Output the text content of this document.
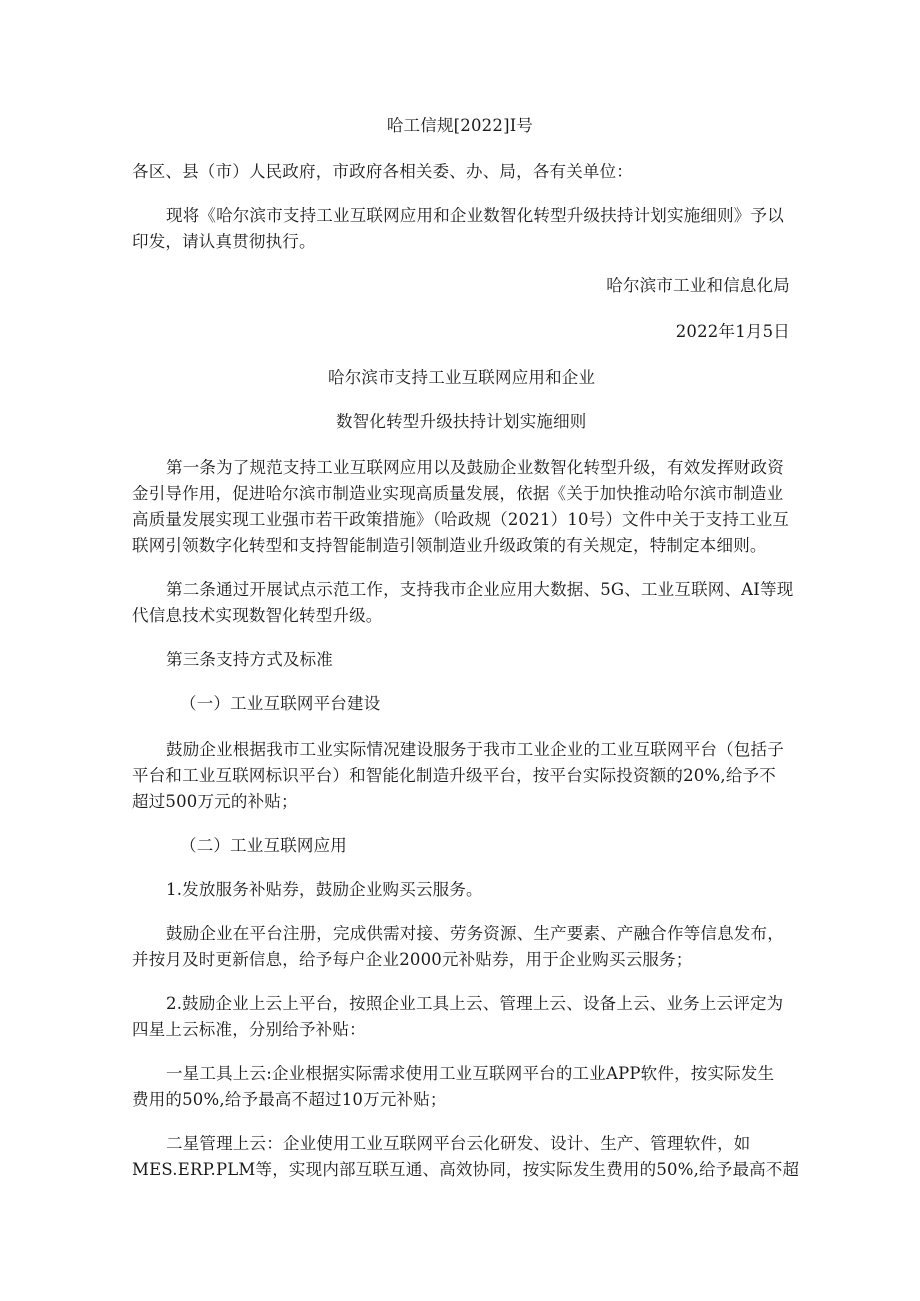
哈工信规[2022]I号
各区、县（市）人民政府，市政府各相关委、办、局，各有关单位：
现将《哈尔滨市支持工业互联网应用和企业数智化转型升级扶持计划实施细则》予以
印发，请认真贯彻执行。
哈尔滨市工业和信息化局
2022年1月5日
哈尔滨市支持工业互联网应用和企业
数智化转型升级扶持计划实施细则
第一条为了规范支持工业互联网应用以及鼓励企业数智化转型升级，有效发挥财政资
金引导作用，促进哈尔滨市制造业实现高质量发展，依据《关于加快推动哈尔滨市制造业
高质量发展实现工业强市若干政策措施》（哈政规（2021）10号）文件中关于支持工业互
联网引领数字化转型和支持智能制造引领制造业升级政策的有关规定，特制定本细则。
第二条通过开展试点示范工作，支持我市企业应用大数据、5G、工业互联网、AI等现
代信息技术实现数智化转型升级。
第三条支持方式及标准
（一）工业互联网平台建设
鼓励企业根据我市工业实际情况建设服务于我市工业企业的工业互联网平台（包括子
平台和工业互联网标识平台）和智能化制造升级平台，按平台实际投资额的20%,给予不
超过500万元的补贴；
（二）工业互联网应用
1.发放服务补贴券，鼓励企业购买云服务。
鼓励企业在平台注册，完成供需对接、劳务资源、生产要素、产融合作等信息发布，
并按月及时更新信息，给予每户企业2000元补贴券，用于企业购买云服务；
2.鼓励企业上云上平台，按照企业工具上云、管理上云、设备上云、业务上云评定为
四星上云标准，分别给予补贴：
一星工具上云:企业根据实际需求使用工业互联网平台的工业APP软件，按实际发生
费用的50%,给予最高不超过10万元补贴；
二星管理上云：企业使用工业互联网平台云化研发、设计、生产、管理软件，如
MES.ERP.PLM等，实现内部互联互通、高效协同，按实际发生费用的50%,给予最高不超
